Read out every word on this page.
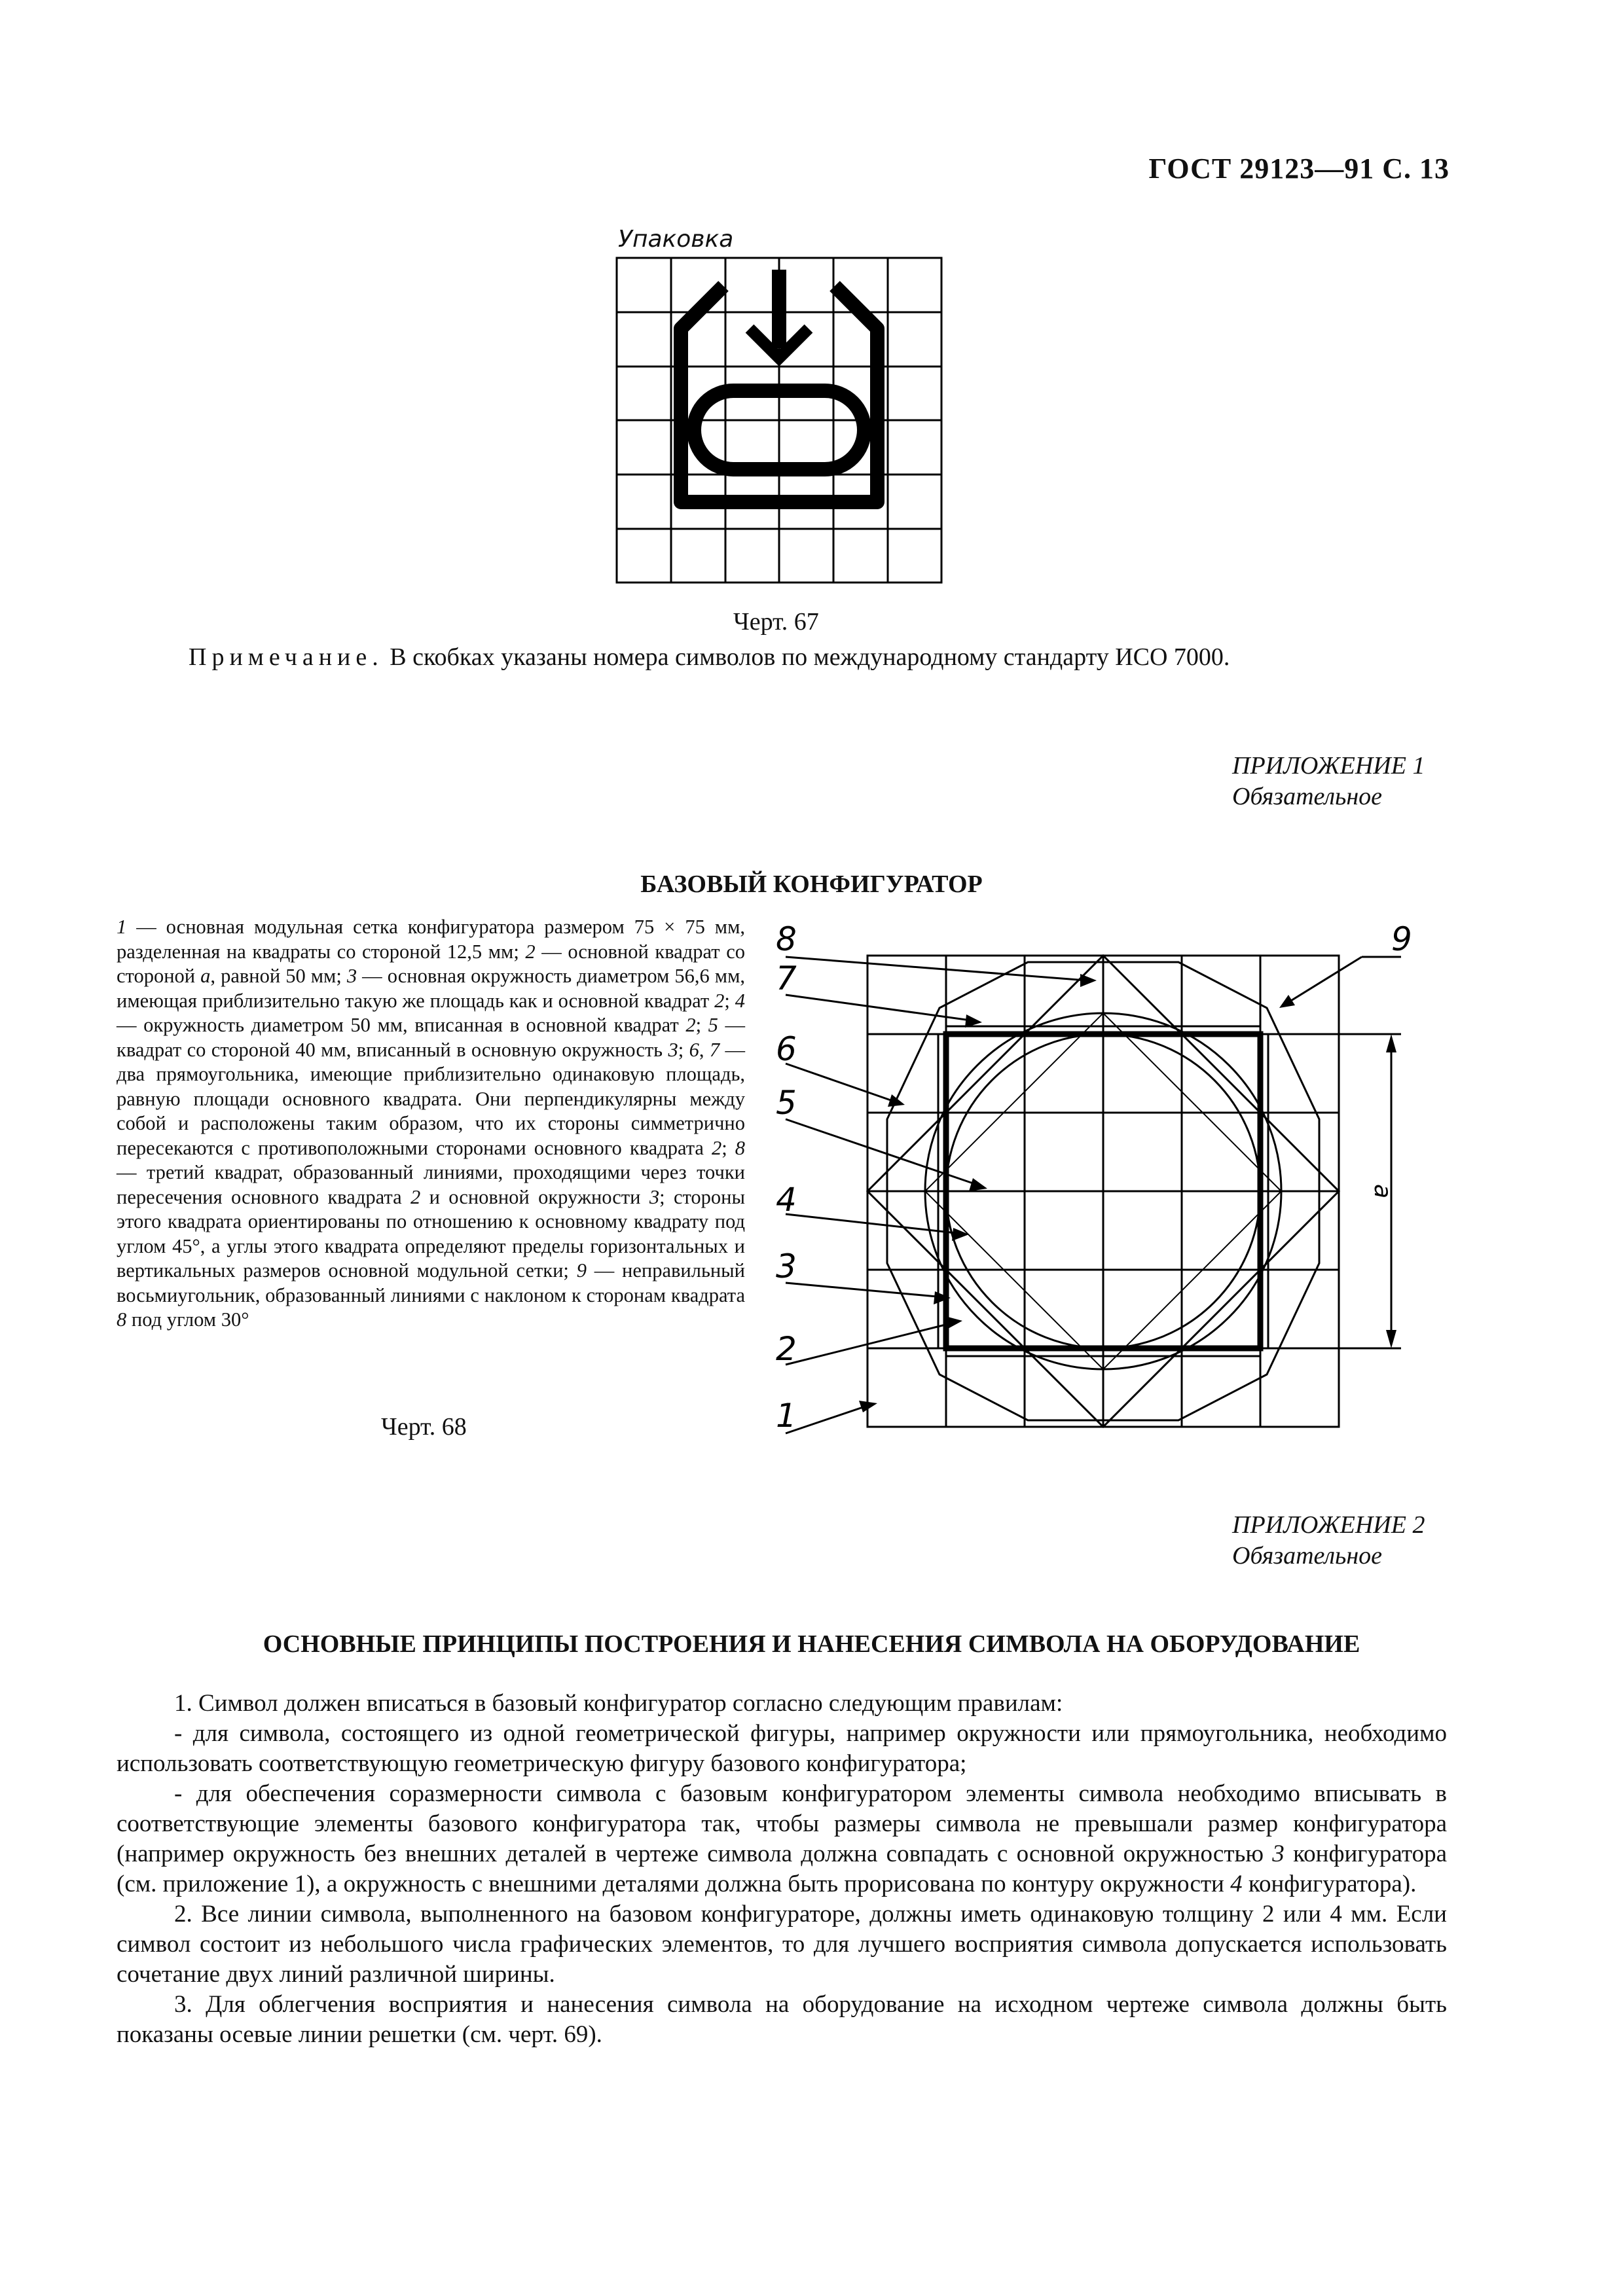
ГОСТ 29123—91 С. 13
Упаковка
Черт. 67
Примечание. В скобках указаны номера символов по международному стандарту ИСО 7000.
ПРИЛОЖЕНИЕ 1
Обязательное
БАЗОВЫЙ КОНФИГУРАТОР

1 — основная модульная сетка конфигуратора размером 75 × 75 мм, разделенная на квадраты со стороной 12,5 мм; 2 — основной квадрат со стороной а, равной 50 мм; 3 — основная окружность диаметром 56,6 мм, имеющая приблизительно такую же площадь как и основной квадрат 2; 4 — окружность диаметром 50 мм, вписанная в основной квадрат 2; 5 — квадрат со стороной 40 мм, вписанный в основную окружность 3; 6, 7 — два прямоугольника, имеющие приблизительно одинаковую площадь, равную площади основного квадрата. Они перпендикулярны между собой и расположены таким образом, что их стороны симметрично пересекаются с противоположными сторонами основного квадрата 2; 8 — третий квадрат, образованный линиями, проходящими через точки пересечения основного квадрата 2 и основной окружности 3; стороны этого квадрата ориентированы по отношению к основному квадрату под углом 45°, а углы этого квадрата определяют пределы горизонтальных и вертикальных размеров основной модульной сетки; 9 — неправильный восьмиугольник, образованный линиями с наклоном к сторонам квадрата 8 под углом 30°

Черт. 68
а
8
7
6
5
4
3
2
1
9
ПРИЛОЖЕНИЕ 2
Обязательное
ОСНОВНЫЕ ПРИНЦИПЫ ПОСТРОЕНИЯ И НАНЕСЕНИЯ СИМВОЛА НА ОБОРУДОВАНИЕ

1. Символ должен вписаться в базовый конфигуратор согласно следующим правилам:

- для символа, состоящего из одной геометрической фигуры, например окружности или прямоугольника, необходимо использовать соответствующую геометрическую фигуру базового конфигуратора;

- для обеспечения соразмерности символа с базовым конфигуратором элементы символа необходимо вписывать в соответствующие элементы базового конфигуратора так, чтобы размеры символа не превышали размер конфигуратора (например окружность без внешних деталей в чертеже символа должна совпадать с основной окружностью 3 конфигуратора (см. приложение 1), а окружность с внешними деталями должна быть прорисована по контуру окружности 4 конфигуратора).

2. Все линии символа, выполненного на базовом конфигураторе, должны иметь одинаковую толщину 2 или 4 мм. Если символ состоит из небольшого числа графических элементов, то для лучшего восприятия символа допускается использовать сочетание двух линий различной ширины.

3. Для облегчения восприятия и нанесения символа на оборудование на исходном чертеже символа должны быть показаны осевые линии решетки (см. черт. 69).
